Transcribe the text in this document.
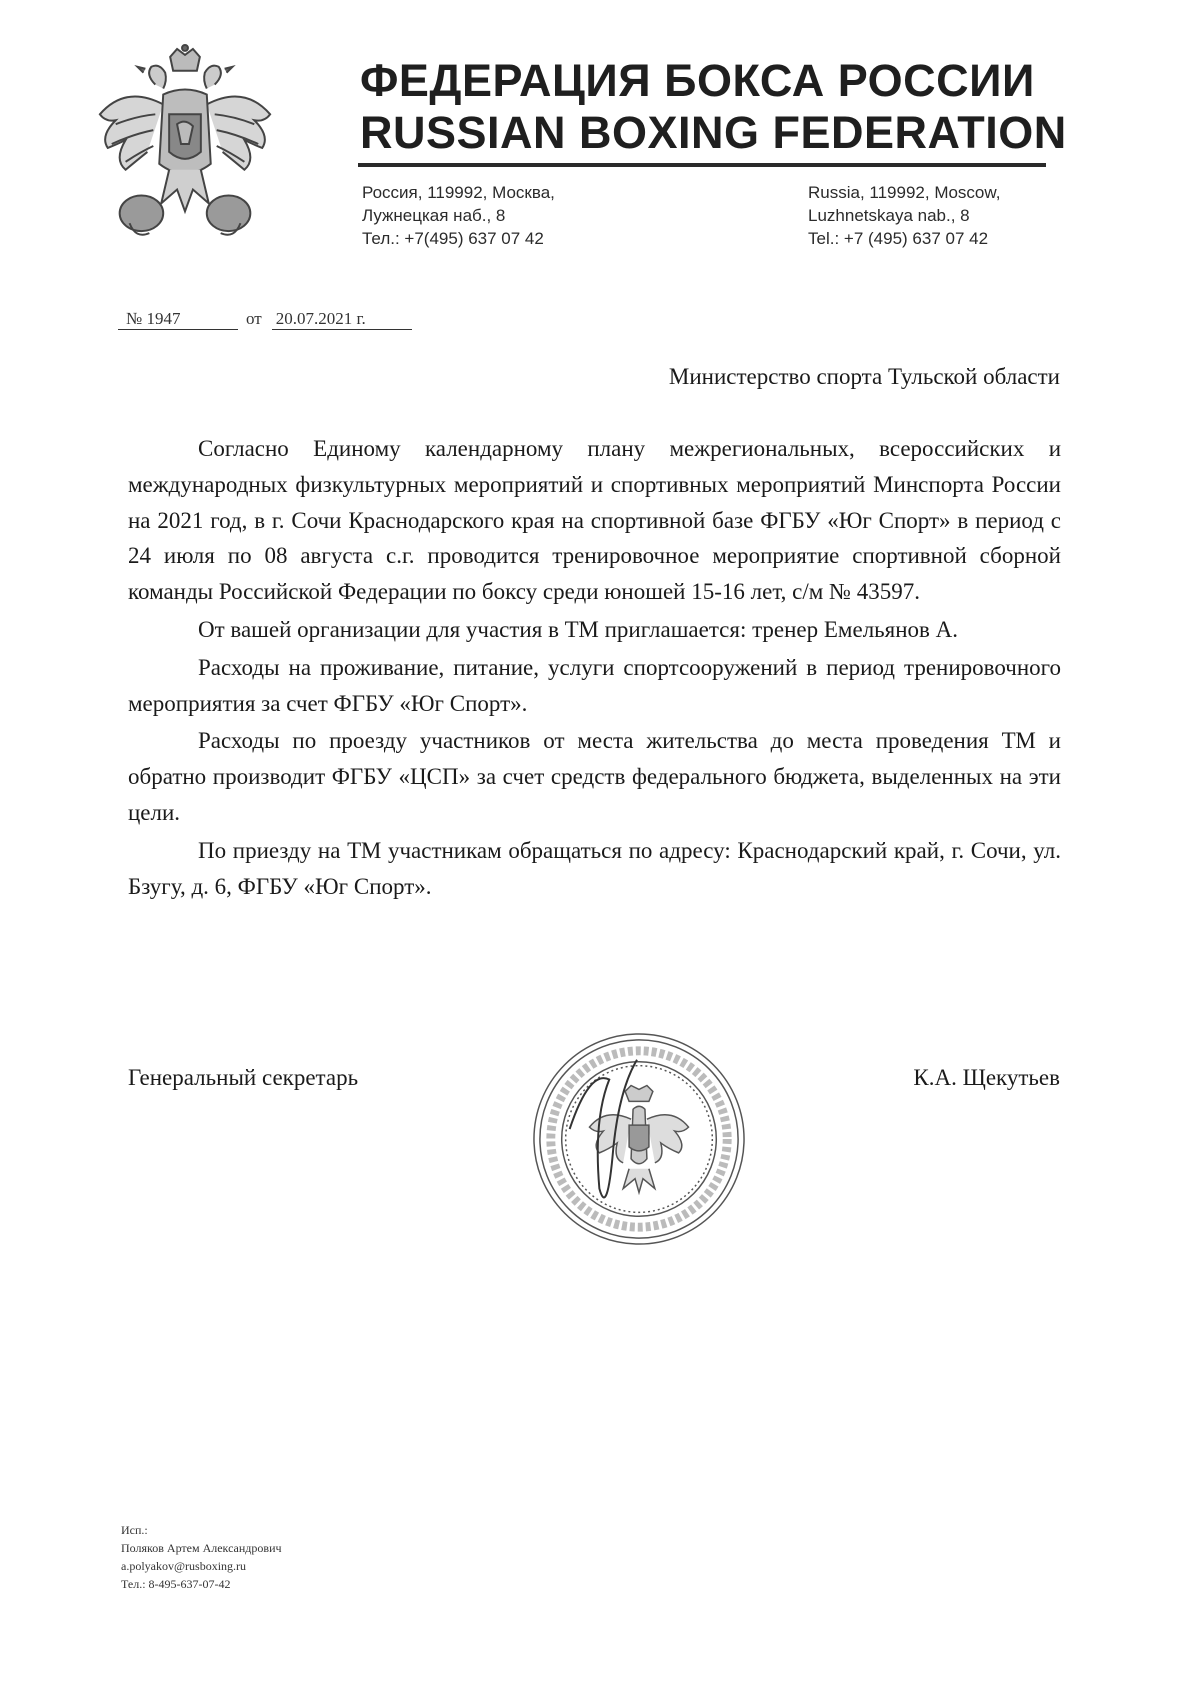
ФЕДЕРАЦИЯ БОКСА РОССИИ
RUSSIAN BOXING FEDERATION
Россия, 119992, Москва,
Лужнецкая наб., 8
Тел.: +7(495) 637 07 42
Russia, 119992, Moscow,
Luzhnetskaya nab., 8
Tel.: +7 (495) 637 07 42
№ 1947	от 20.07.2021 г.
Министерство спорта Тульской области

Согласно Единому календарному плану межрегиональных, всероссийских и международных физкультурных мероприятий и спортивных мероприятий Минспорта России на 2021 год, в г. Сочи Краснодарского края на спортивной базе ФГБУ «Юг Спорт» в период с 24 июля по 08 августа с.г. проводится тренировочное мероприятие спортивной сборной команды Российской Федерации по боксу среди юношей 15-16 лет, с/м № 43597.

От вашей организации для участия в ТМ приглашается: тренер Емельянов А.

Расходы на проживание, питание, услуги спортсооружений в период тренировочного мероприятия за счет ФГБУ «Юг Спорт».

Расходы по проезду участников от места жительства до места проведения ТМ и обратно производит ФГБУ «ЦСП» за счет средств федерального бюджета, выделенных на эти цели.

По приезду на ТМ участникам обращаться по адресу: Краснодарский край, г. Сочи, ул. Бзугу, д. 6, ФГБУ «Юг Спорт».

Генеральный секретарь	К.А. Щекутьев
Исп.:
Поляков Артем Александрович
a.polyakov@rusboxing.ru
Тел.: 8-495-637-07-42
